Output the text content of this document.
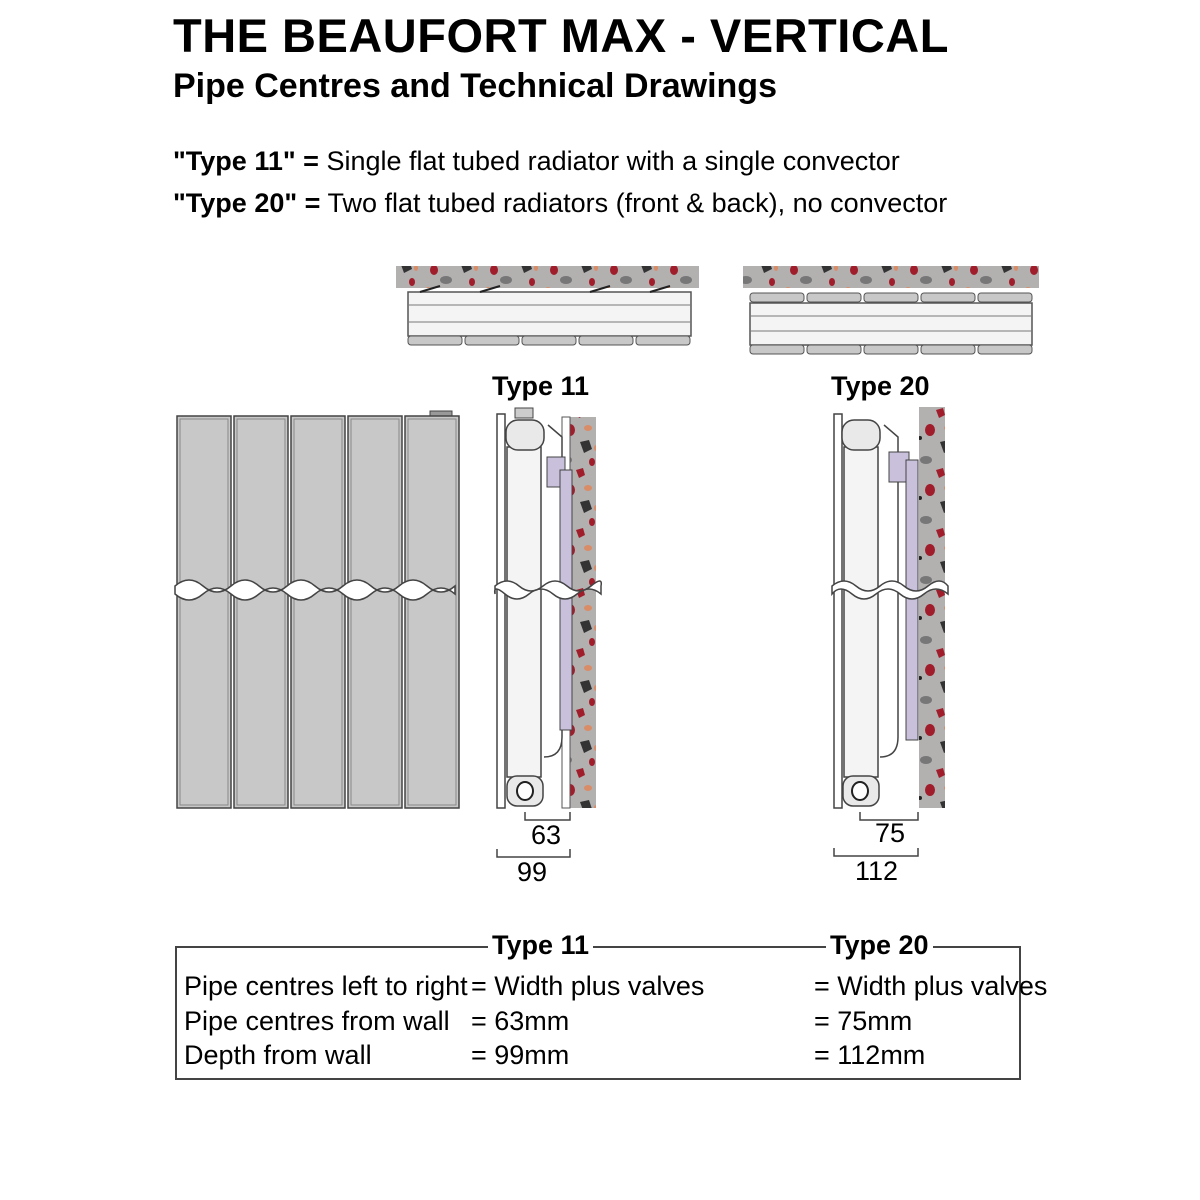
THE BEAUFORT MAX - VERTICAL
Pipe Centres and Technical Drawings
"Type 11" = Single flat tubed radiator with a single convector
"Type 20" = Two flat tubed radiators (front & back), no convector
Type 11	Type 20
63
99
75
112
Type 11	Type 20
Pipe centres left to right = Width plus valves	= Width plus valves
Pipe centres from wall = 63mm	= 75mm
Depth from wall	= 99mm	= 112mm
